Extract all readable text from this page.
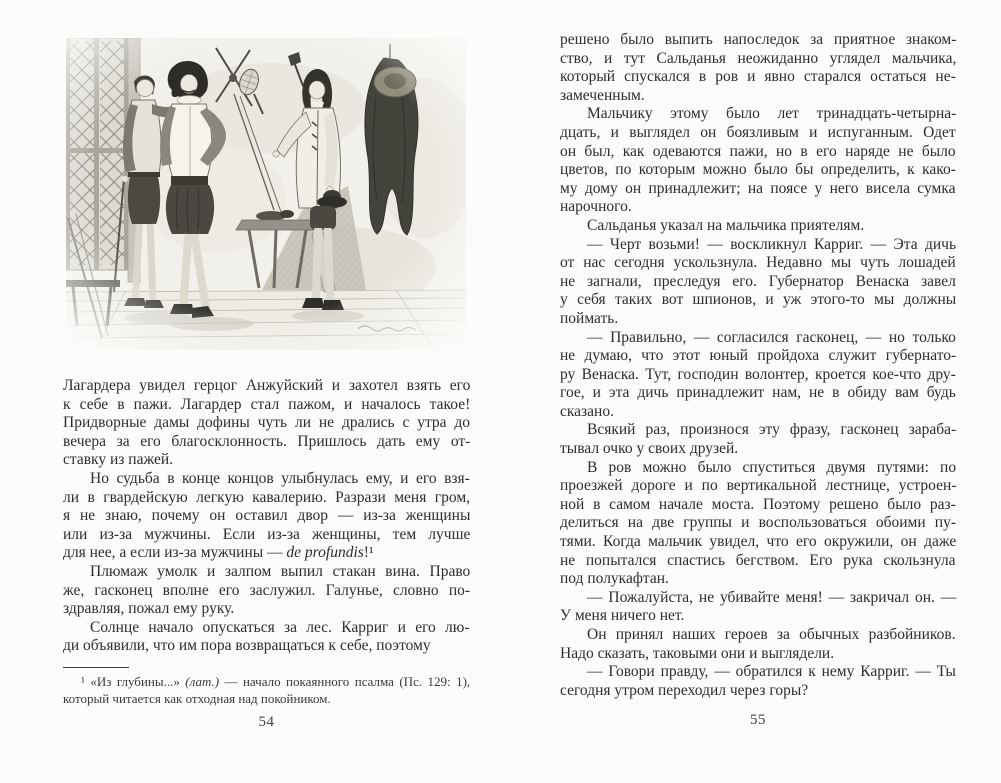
Лагардера увидел герцог Анжуйский и захотел взять его
к себе в пажи. Лагардер стал пажом, и началось такое!
Придворные дамы дофины чуть ли не дрались с утра до
вечера за его благосклонность. Пришлось дать ему от-
ставку из пажей.
Но судьба в конце концов улыбнулась ему, и его взя-
ли в гвардейскую легкую кавалерию. Разрази меня гром,
я не знаю, почему он оставил двор — из-за женщины
или из-за мужчины. Если из-за женщины, тем лучше
для нее, а если из-за мужчины — de profundis!¹
Плюмаж умолк и залпом выпил стакан вина. Право
же, гасконец вполне его заслужил. Галунье, словно по-
здравляя, пожал ему руку.
Солнце начало опускаться за лес. Карриг и его лю-
ди объявили, что им пора возвращаться к себе, поэтому
¹ «Из глубины...» (лат.) — начало покаянного псалма (Пс. 129: 1),
который читается как отходная над покойником.
54
решено было выпить напоследок за приятное знаком-
ство, и тут Сальданья неожиданно углядел мальчика,
который спускался в ров и явно старался остаться не-
замеченным.
Мальчику этому было лет тринадцать-четырна-
дцать, и выглядел он боязливым и испуганным. Одет
он был, как одеваются пажи, но в его наряде не было
цветов, по которым можно было бы определить, к како-
му дому он принадлежит; на поясе у него висела сумка
нарочного.
Сальданья указал на мальчика приятелям.
— Черт возьми! — воскликнул Карриг. — Эта дичь
от нас сегодня ускользнула. Недавно мы чуть лошадей
не загнали, преследуя его. Губернатор Венаска завел
у себя таких вот шпионов, и уж этого-то мы должны
поймать.
— Правильно, — согласился гасконец, — но только
не думаю, что этот юный пройдоха служит губернато-
ру Венаска. Тут, господин волонтер, кроется кое-что дру-
гое, и эта дичь принадлежит нам, не в обиду вам будь
сказано.
Всякий раз, произнося эту фразу, гасконец зараба-
тывал очко у своих друзей.
В ров можно было спуститься двумя путями: по
проезжей дороге и по вертикальной лестнице, устроен-
ной в самом начале моста. Поэтому решено было раз-
делиться на две группы и воспользоваться обоими пу-
тями. Когда мальчик увидел, что его окружили, он даже
не попытался спастись бегством. Его рука скользнула
под полукафтан.
— Пожалуйста, не убивайте меня! — закричал он. —
У меня ничего нет.
Он принял наших героев за обычных разбойников.
Надо сказать, таковыми они и выглядели.
— Говори правду, — обратился к нему Карриг. — Ты
сегодня утром переходил через горы?
55
